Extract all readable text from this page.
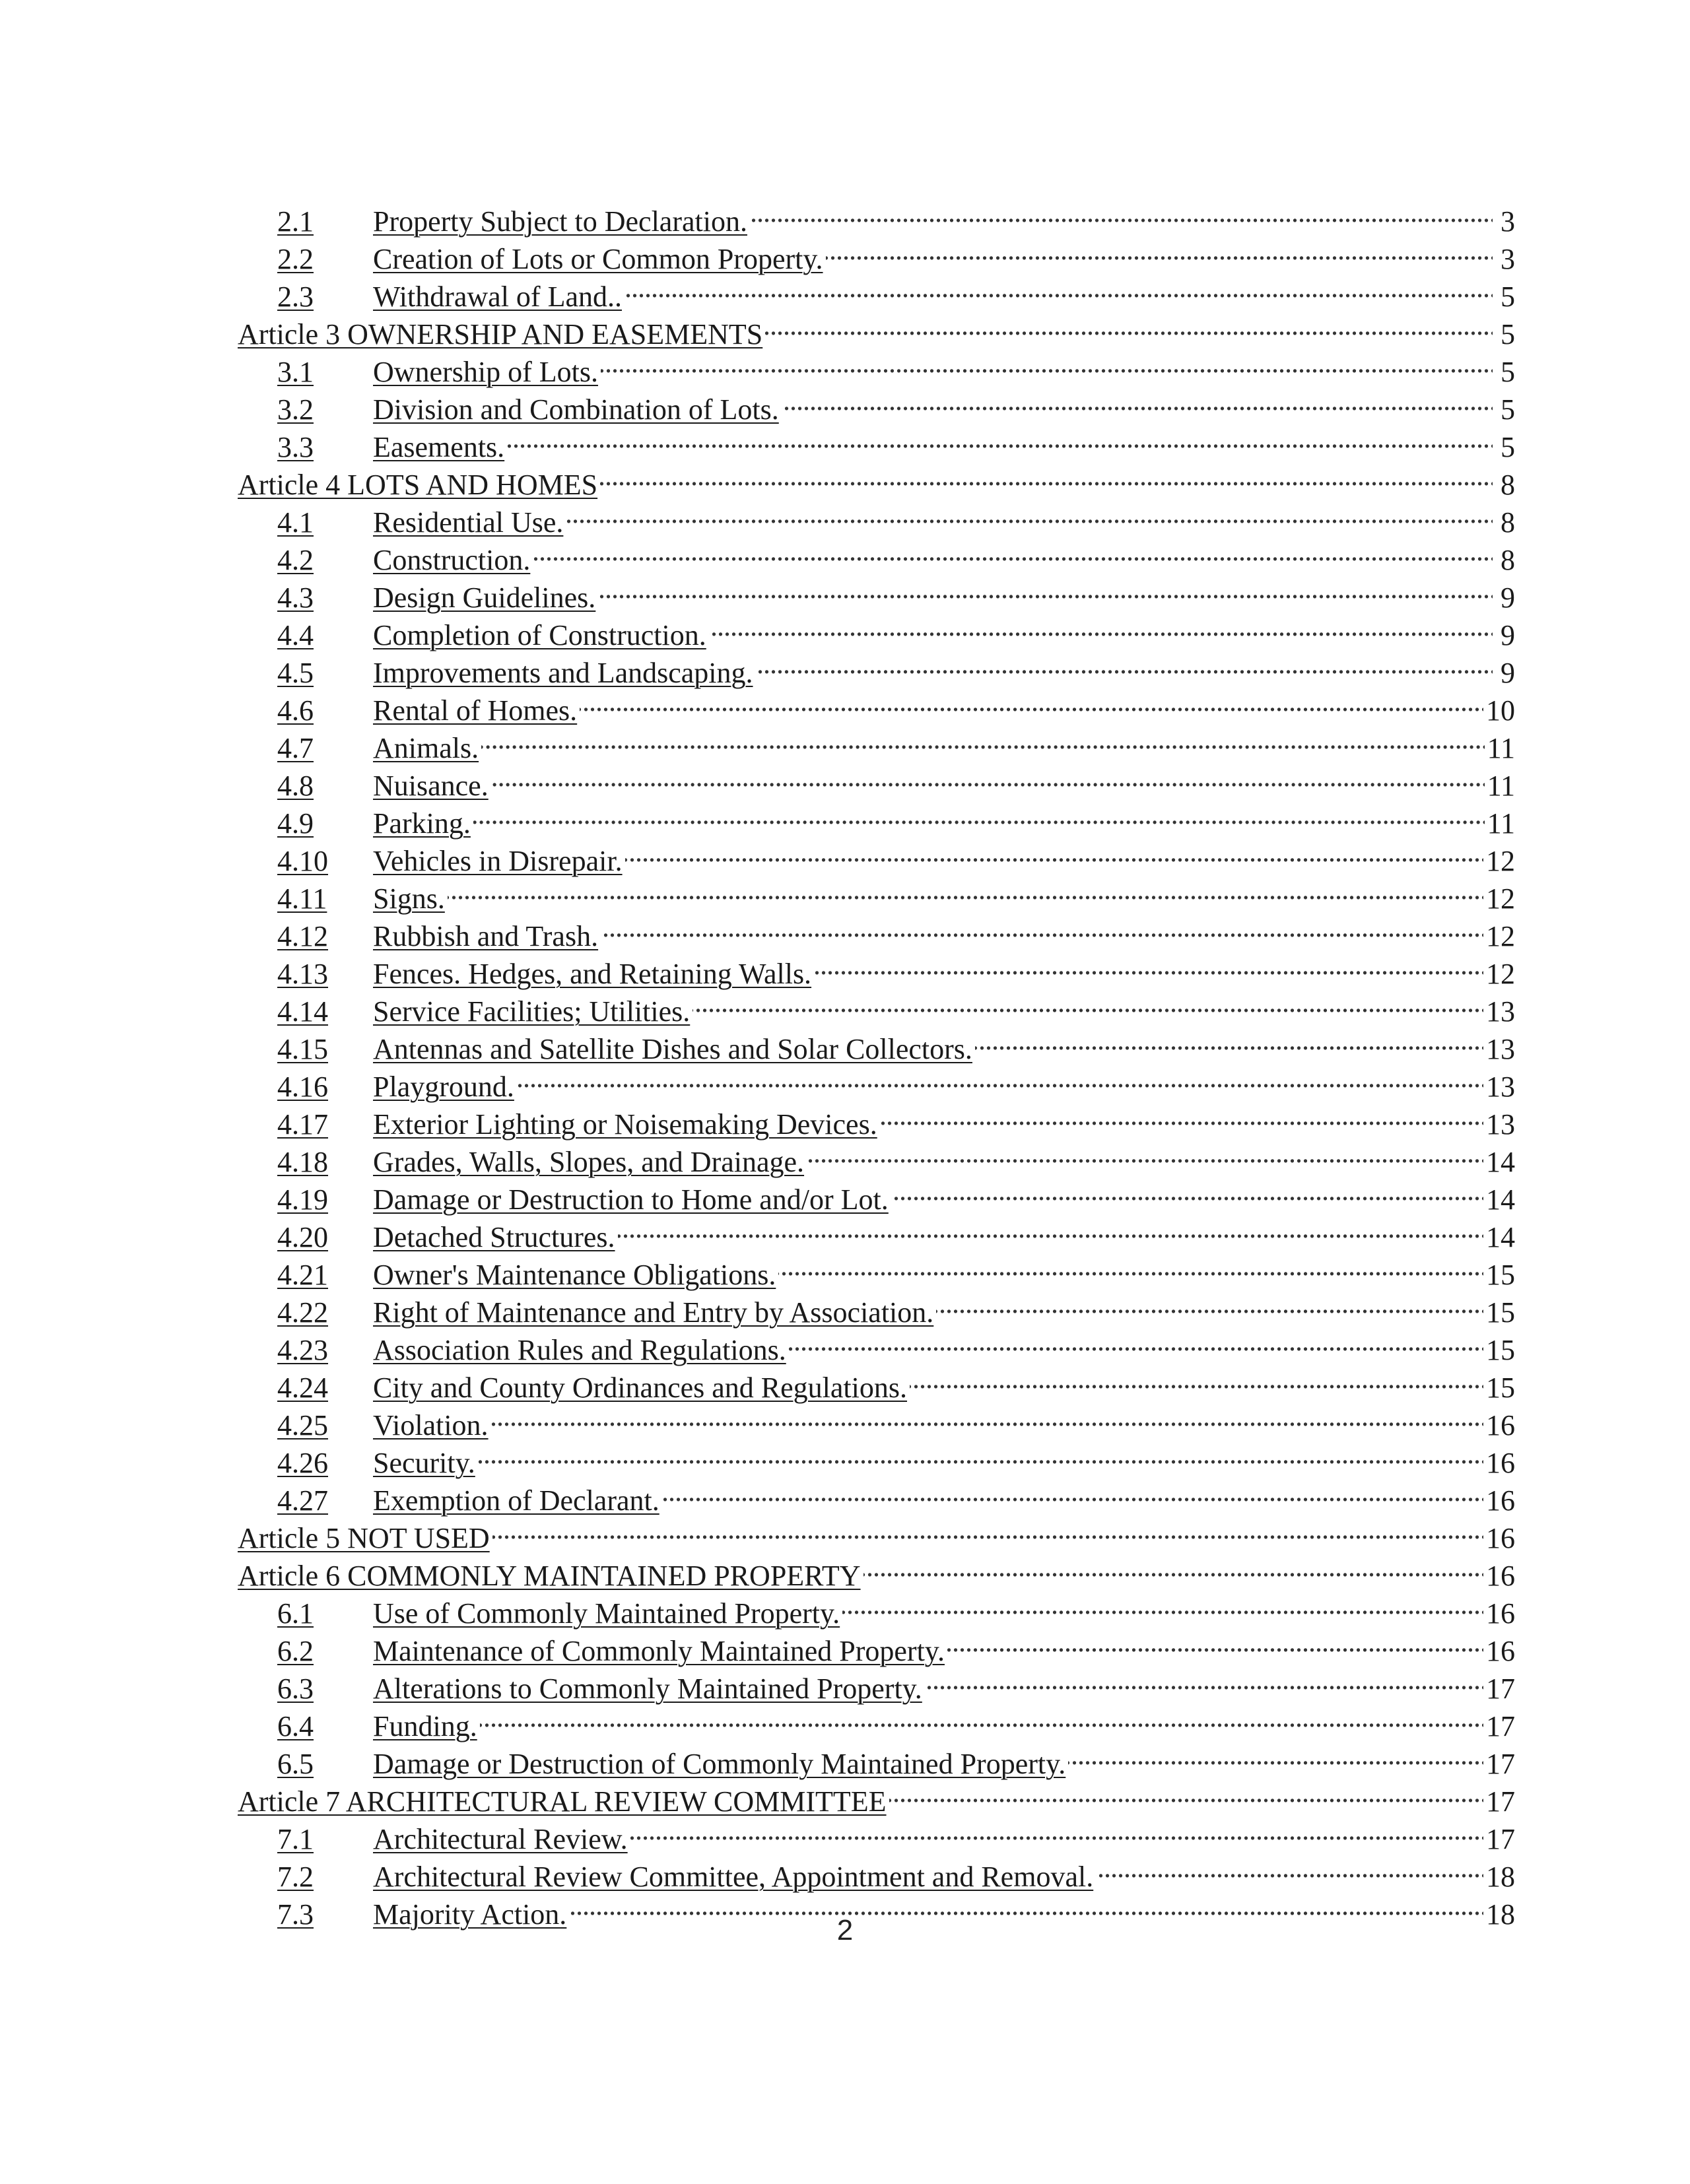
2.1	Property Subject to Declaration. . . .	3
2.2	Creation of Lots or Common Property. . . .	3
2.3	Withdrawal of Land.. . . .	5
Article 3 OWNERSHIP AND EASEMENTS . . .	5
3.1	Ownership of Lots. . . .	5
3.2	Division and Combination of Lots. . . .	5
3.3	Easements. . . .	5
Article 4 LOTS AND HOMES . . .	8
4.1	Residential Use. . . .	8
4.2	Construction. . . .	8
4.3	Design Guidelines. . . .	9
4.4	Completion of Construction. . . .	9
4.5	Improvements and Landscaping. . . .	9
4.6	Rental of Homes. . . .	10
4.7	Animals. . . .	11
4.8	Nuisance. . . .	11
4.9	Parking. . . .	11
4.10	Vehicles in Disrepair. . . .	12
4.11	Signs. . . .	12
4.12	Rubbish and Trash. . . .	12
4.13	Fences. Hedges, and Retaining Walls. . . .	12
4.14	Service Facilities; Utilities. . . .	13
4.15	Antennas and Satellite Dishes and Solar Collectors. . . .	13
4.16	Playground. . . .	13
4.17	Exterior Lighting or Noisemaking Devices. . . .	13
4.18	Grades, Walls, Slopes, and Drainage. . . .	14
4.19	Damage or Destruction to Home and/or Lot. . . .	14
4.20	Detached Structures. . . .	14
4.21	Owner's Maintenance Obligations. . . .	15
4.22	Right of Maintenance and Entry by Association. . . .	15
4.23	Association Rules and Regulations. . . .	15
4.24	City and County Ordinances and Regulations. . . .	15
4.25	Violation. . . .	16
4.26	Security. . . .	16
4.27	Exemption of Declarant. . . .	16
Article 5 NOT USED . . .	16
Article 6 COMMONLY MAINTAINED PROPERTY . . .	16
6.1	Use of Commonly Maintained Property. . . .	16
6.2	Maintenance of Commonly Maintained Property. . . .	16
6.3	Alterations to Commonly Maintained Property. . . .	17
6.4	Funding. . . .	17
6.5	Damage or Destruction of Commonly Maintained Property. . . .	17
Article 7 ARCHITECTURAL REVIEW COMMITTEE . . .	17
7.1	Architectural Review. . . .	17
7.2	Architectural Review Committee, Appointment and Removal. . . .	18
7.3	Majority Action. . . .	18
2
